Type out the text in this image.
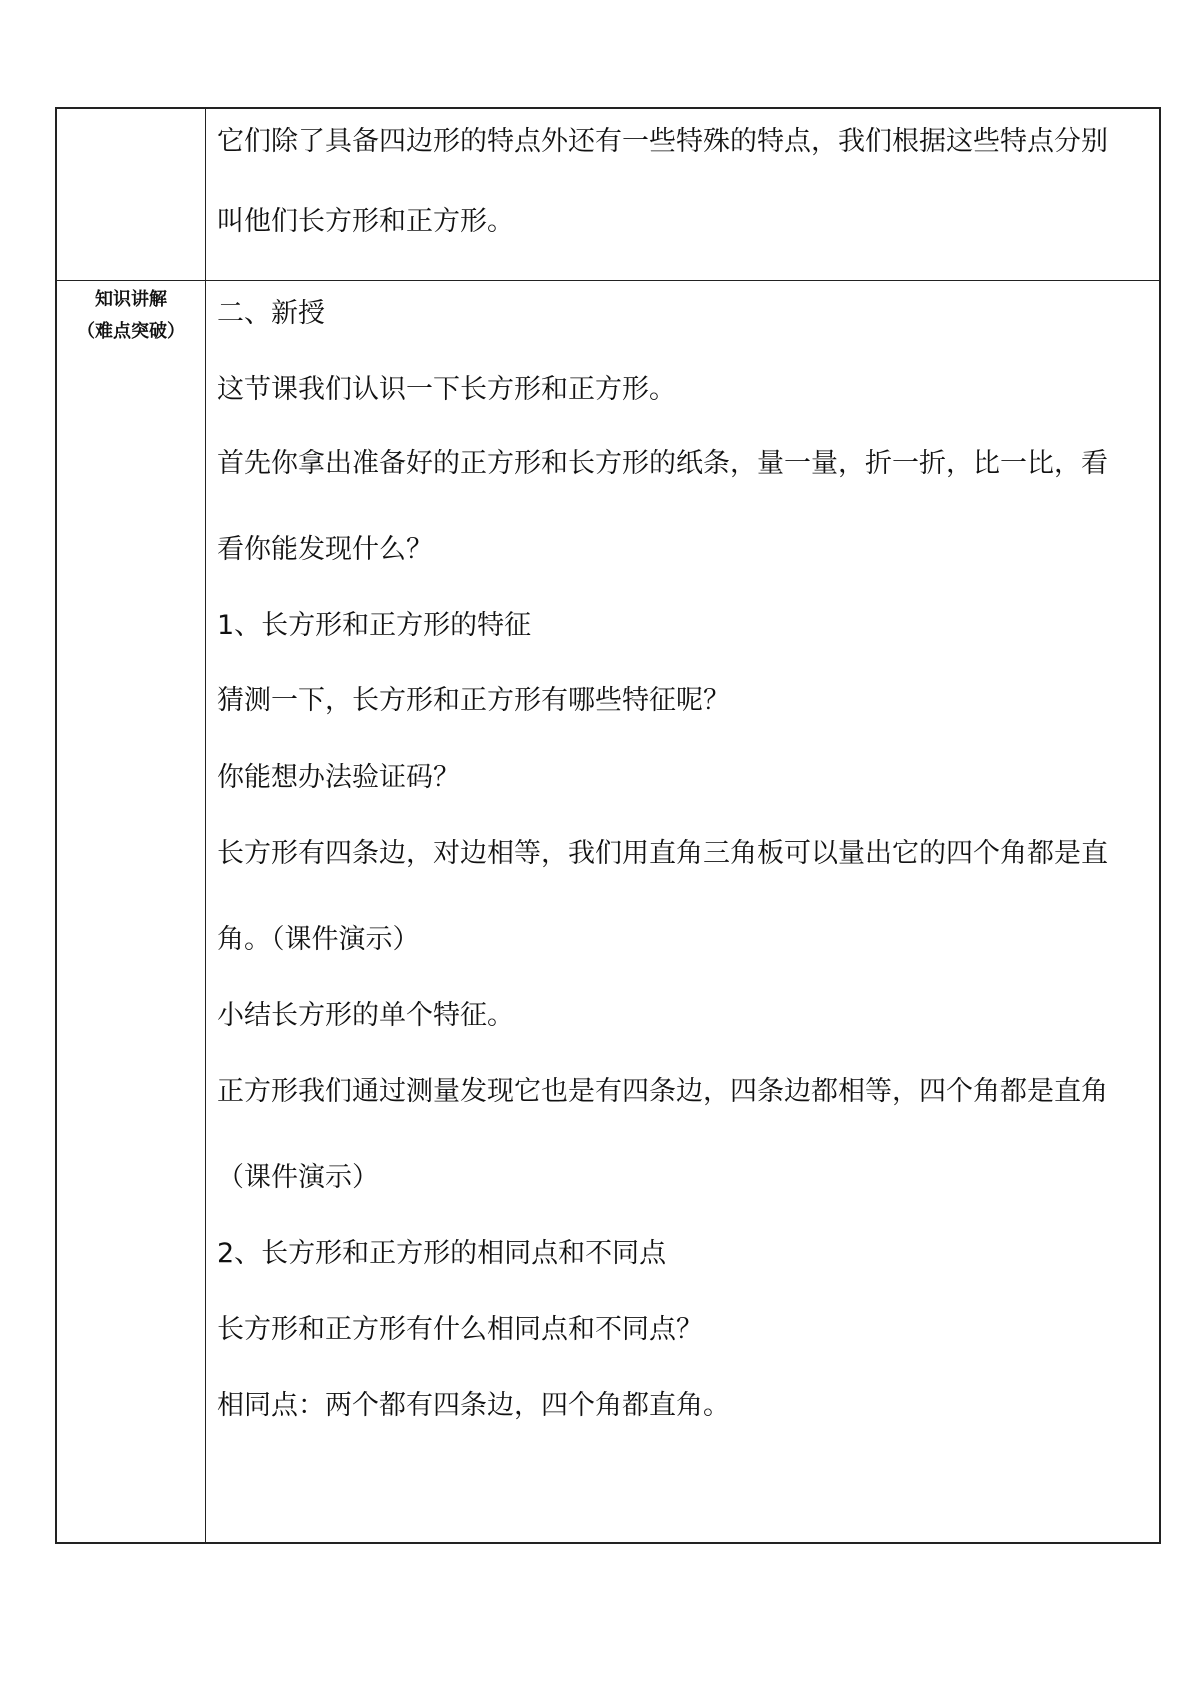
知识讲解
（难点突破）
它们除了具备四边形的特点外还有一些特殊的特点，我们根据这些特点分别
叫他们长方形和正方形。
二、新授
这节课我们认识一下长方形和正方形。
首先你拿出准备好的正方形和长方形的纸条，量一量，折一折，比一比，看
看你能发现什么？
1、长方形和正方形的特征
猜测一下，长方形和正方形有哪些特征呢？
你能想办法验证码？
长方形有四条边，对边相等，我们用直角三角板可以量出它的四个角都是直
角。（课件演示）
小结长方形的单个特征。
正方形我们通过测量发现它也是有四条边，四条边都相等，四个角都是直角
（课件演示）
2、长方形和正方形的相同点和不同点
长方形和正方形有什么相同点和不同点？
相同点：两个都有四条边，四个角都直角。
